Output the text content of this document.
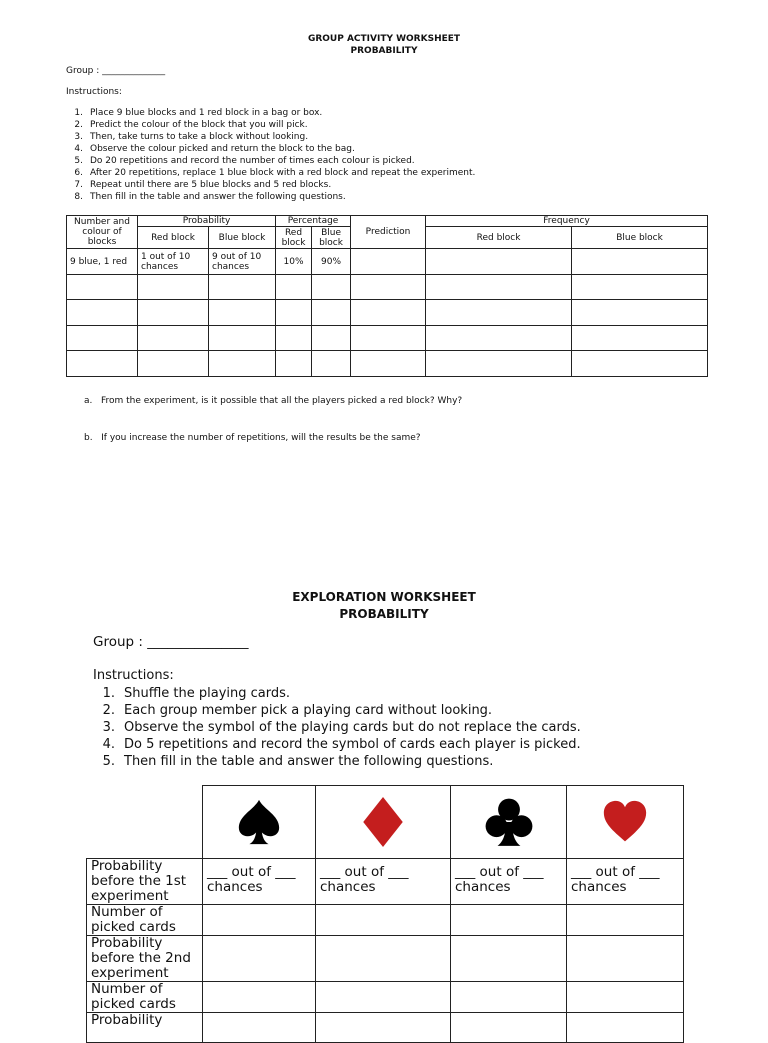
GROUP ACTIVITY WORKSHEET
PROBABILITY
Group : ______________
Instructions:
1. Place 9 blue blocks and 1 red block in a bag or box.
2. Predict the colour of the block that you will pick.
3. Then, take turns to take a block without looking.
4. Observe the colour picked and return the block to the bag.
5. Do 20 repetitions and record the number of times each colour is picked.
6. After 20 repetitions, replace 1 blue block with a red block and repeat the experiment.
7. Repeat until there are 5 blue blocks and 5 red blocks.
8. Then fill in the table and answer the following questions.
Number and colour of blocks	Probability		Percentage		Prediction	Frequency	
	Red block	Blue block	Red block	Blue block		Red block	Blue block
9 blue, 1 red	1 out of 10 chances	9 out of 10 chances	10%	90%			

a.   From the experiment, is it possible that all the players picked a red block? Why?
b.   If you increase the number of repetitions, will the results be the same?
EXPLORATION WORKSHEET
PROBABILITY
Group : _______________
Instructions:
1. Shuffle the playing cards.
2. Each group member pick a playing card without looking.
3. Observe the symbol of the playing cards but do not replace the cards.
4. Do 5 repetitions and record the symbol of cards each player is picked.
5. Then fill in the table and answer the following questions.

Probability before the 1st experiment	___ out of ___ chances	___ out of ___ chances	___ out of ___ chances	___ out of ___ chances
Number of picked cards				
Probability before the 2nd experiment				
Number of picked cards				
Probability				
